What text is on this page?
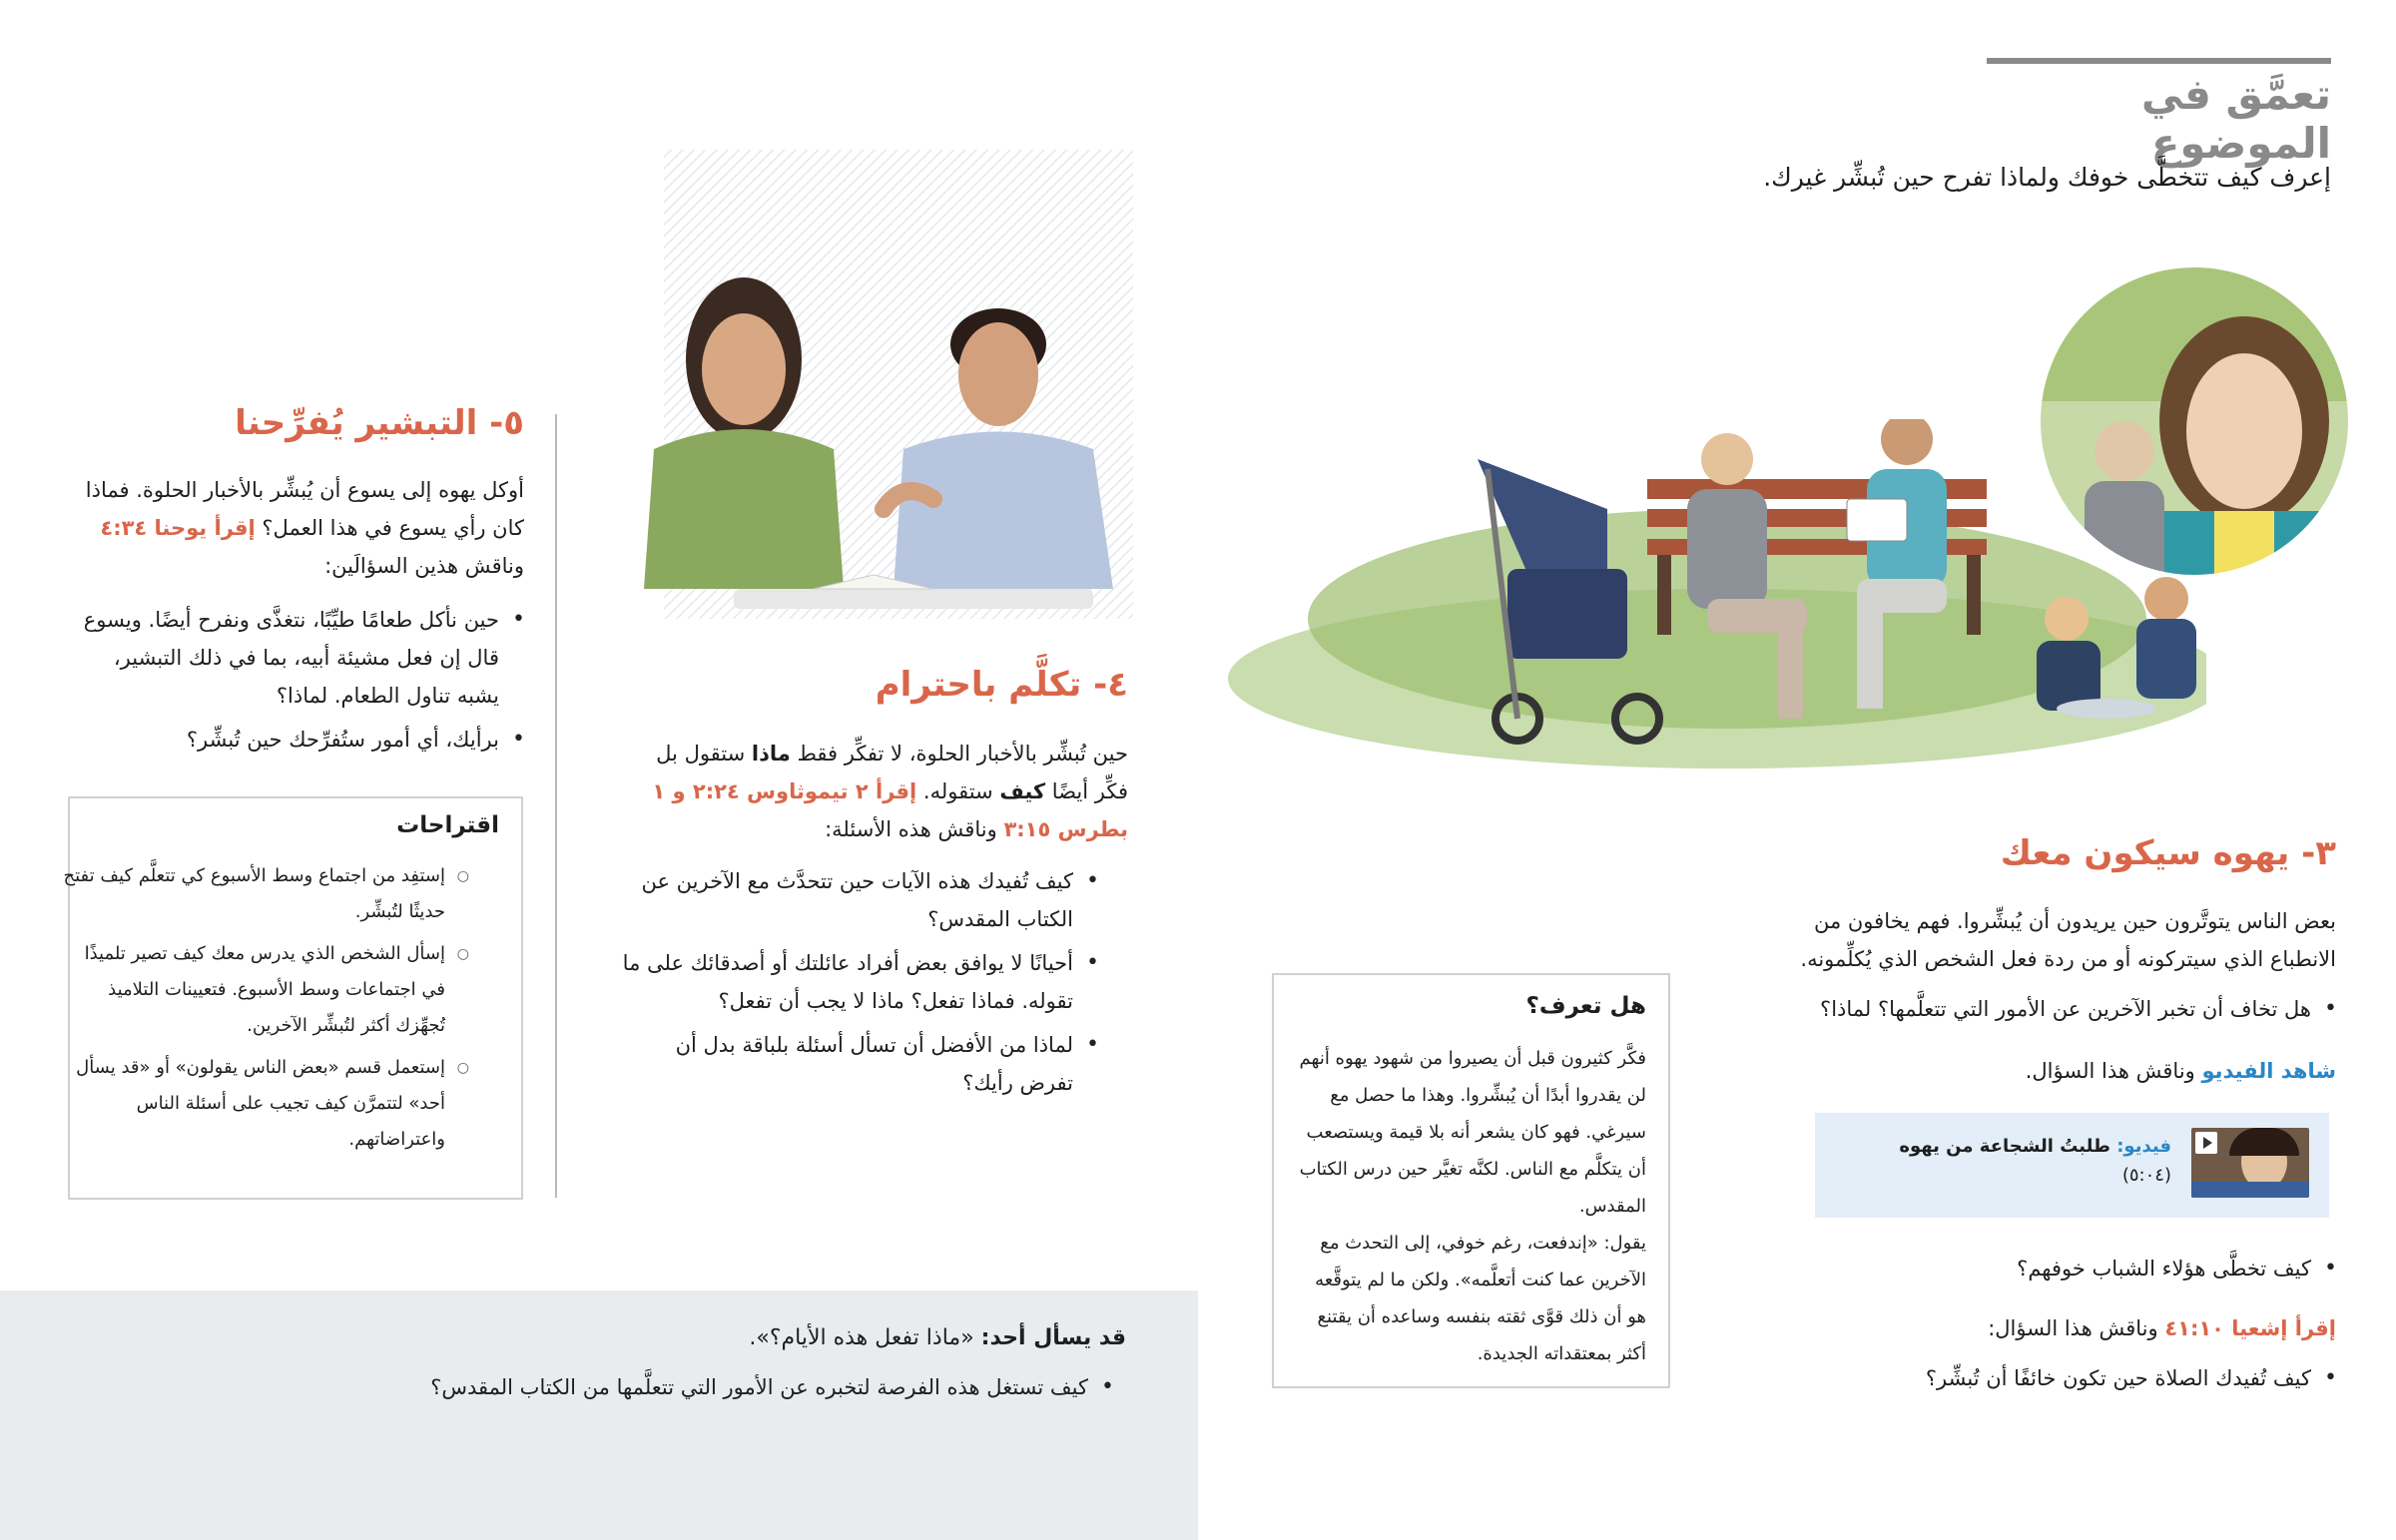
تعمَّق في الموضوع
إعرف كيف تتخطَّى خوفك ولماذا تفرح حين تُبشِّر غيرك.
٣- يهوه سيكون معك
بعض الناس يتوتَّرون حين يريدون أن يُبشِّروا. فهم يخافون من الانطباع الذي سيتركونه أو من ردة فعل الشخص الذي يُكلِّمونه.
• هل تخاف أن تخبر الآخرين عن الأمور التي تتعلَّمها؟ لماذا؟
شاهد الفيديو وناقش هذا السؤال.
فيديو: طلبتُ الشجاعة من يهوه
(٥:٠٤)
• كيف تخطَّى هؤلاء الشباب خوفهم؟
إقرأ إشعيا ٤١:١٠ وناقش هذا السؤال:
• كيف تُفيدك الصلاة حين تكون خائفًا أن تُبشِّر؟
هل تعرف؟
فكَّر كثيرون قبل أن يصيروا من شهود يهوه أنهم لن يقدروا أبدًا أن يُبشِّروا. وهذا ما حصل مع سيرغي. فهو كان يشعر أنه بلا قيمة ويستصعب أن يتكلَّم مع الناس. لكنَّه تغيَّر حين درس الكتاب المقدس.
يقول: «إندفعت، رغم خوفي، إلى التحدث مع الآخرين عما كنت أتعلَّمه». ولكن ما لم يتوقَّعه هو أن ذلك قوَّى ثقته بنفسه وساعده أن يقتنع أكثر بمعتقداته الجديدة.
٤- تكلَّم باحترام
حين تُبشِّر بالأخبار الحلوة، لا تفكِّر فقط ماذا ستقول بل فكِّر أيضًا كيف ستقوله. إقرأ ٢ تيموثاوس ٢:٢٤ و ١ بطرس ٣:١٥ وناقش هذه الأسئلة:
• كيف تُفيدك هذه الآيات حين تتحدَّث مع الآخرين عن الكتاب المقدس؟
• أحيانًا لا يوافق بعض أفراد عائلتك أو أصدقائك على ما تقوله. فماذا تفعل؟ ماذا لا يجب أن تفعل؟
• لماذا من الأفضل أن تسأل أسئلة بلباقة بدل أن تفرض رأيك؟
٥- التبشير يُفرِّحنا
أوكل يهوه إلى يسوع أن يُبشِّر بالأخبار الحلوة. فماذا كان رأي يسوع في هذا العمل؟ إقرأ يوحنا ٤:٣٤ وناقش هذين السؤالَين:
• حين نأكل طعامًا طيِّبًا، نتغذَّى ونفرح أيضًا. ويسوع قال إن فعل مشيئة أبيه، بما في ذلك التبشير، يشبه تناول الطعام. لماذا؟
• برأيك، أي أمور ستُفرِّحك حين تُبشِّر؟
اقتراحات
○ إستفِد من اجتماع وسط الأسبوع كي تتعلَّم كيف تفتح حديثًا لتُبشِّر.
○ إسأل الشخص الذي يدرس معك كيف تصير تلميذًا في اجتماعات وسط الأسبوع. فتعيينات التلاميذ تُجهِّزك أكثر لتُبشِّر الآخرين.
○ إستعمل قسم «بعض الناس يقولون» أو «قد يسأل أحد» لتتمرَّن كيف تجيب على أسئلة الناس واعتراضاتهم.
قد يسأل أحد: «ماذا تفعل هذه الأيام؟».
• كيف تستغل هذه الفرصة لتخبره عن الأمور التي تتعلَّمها من الكتاب المقدس؟
